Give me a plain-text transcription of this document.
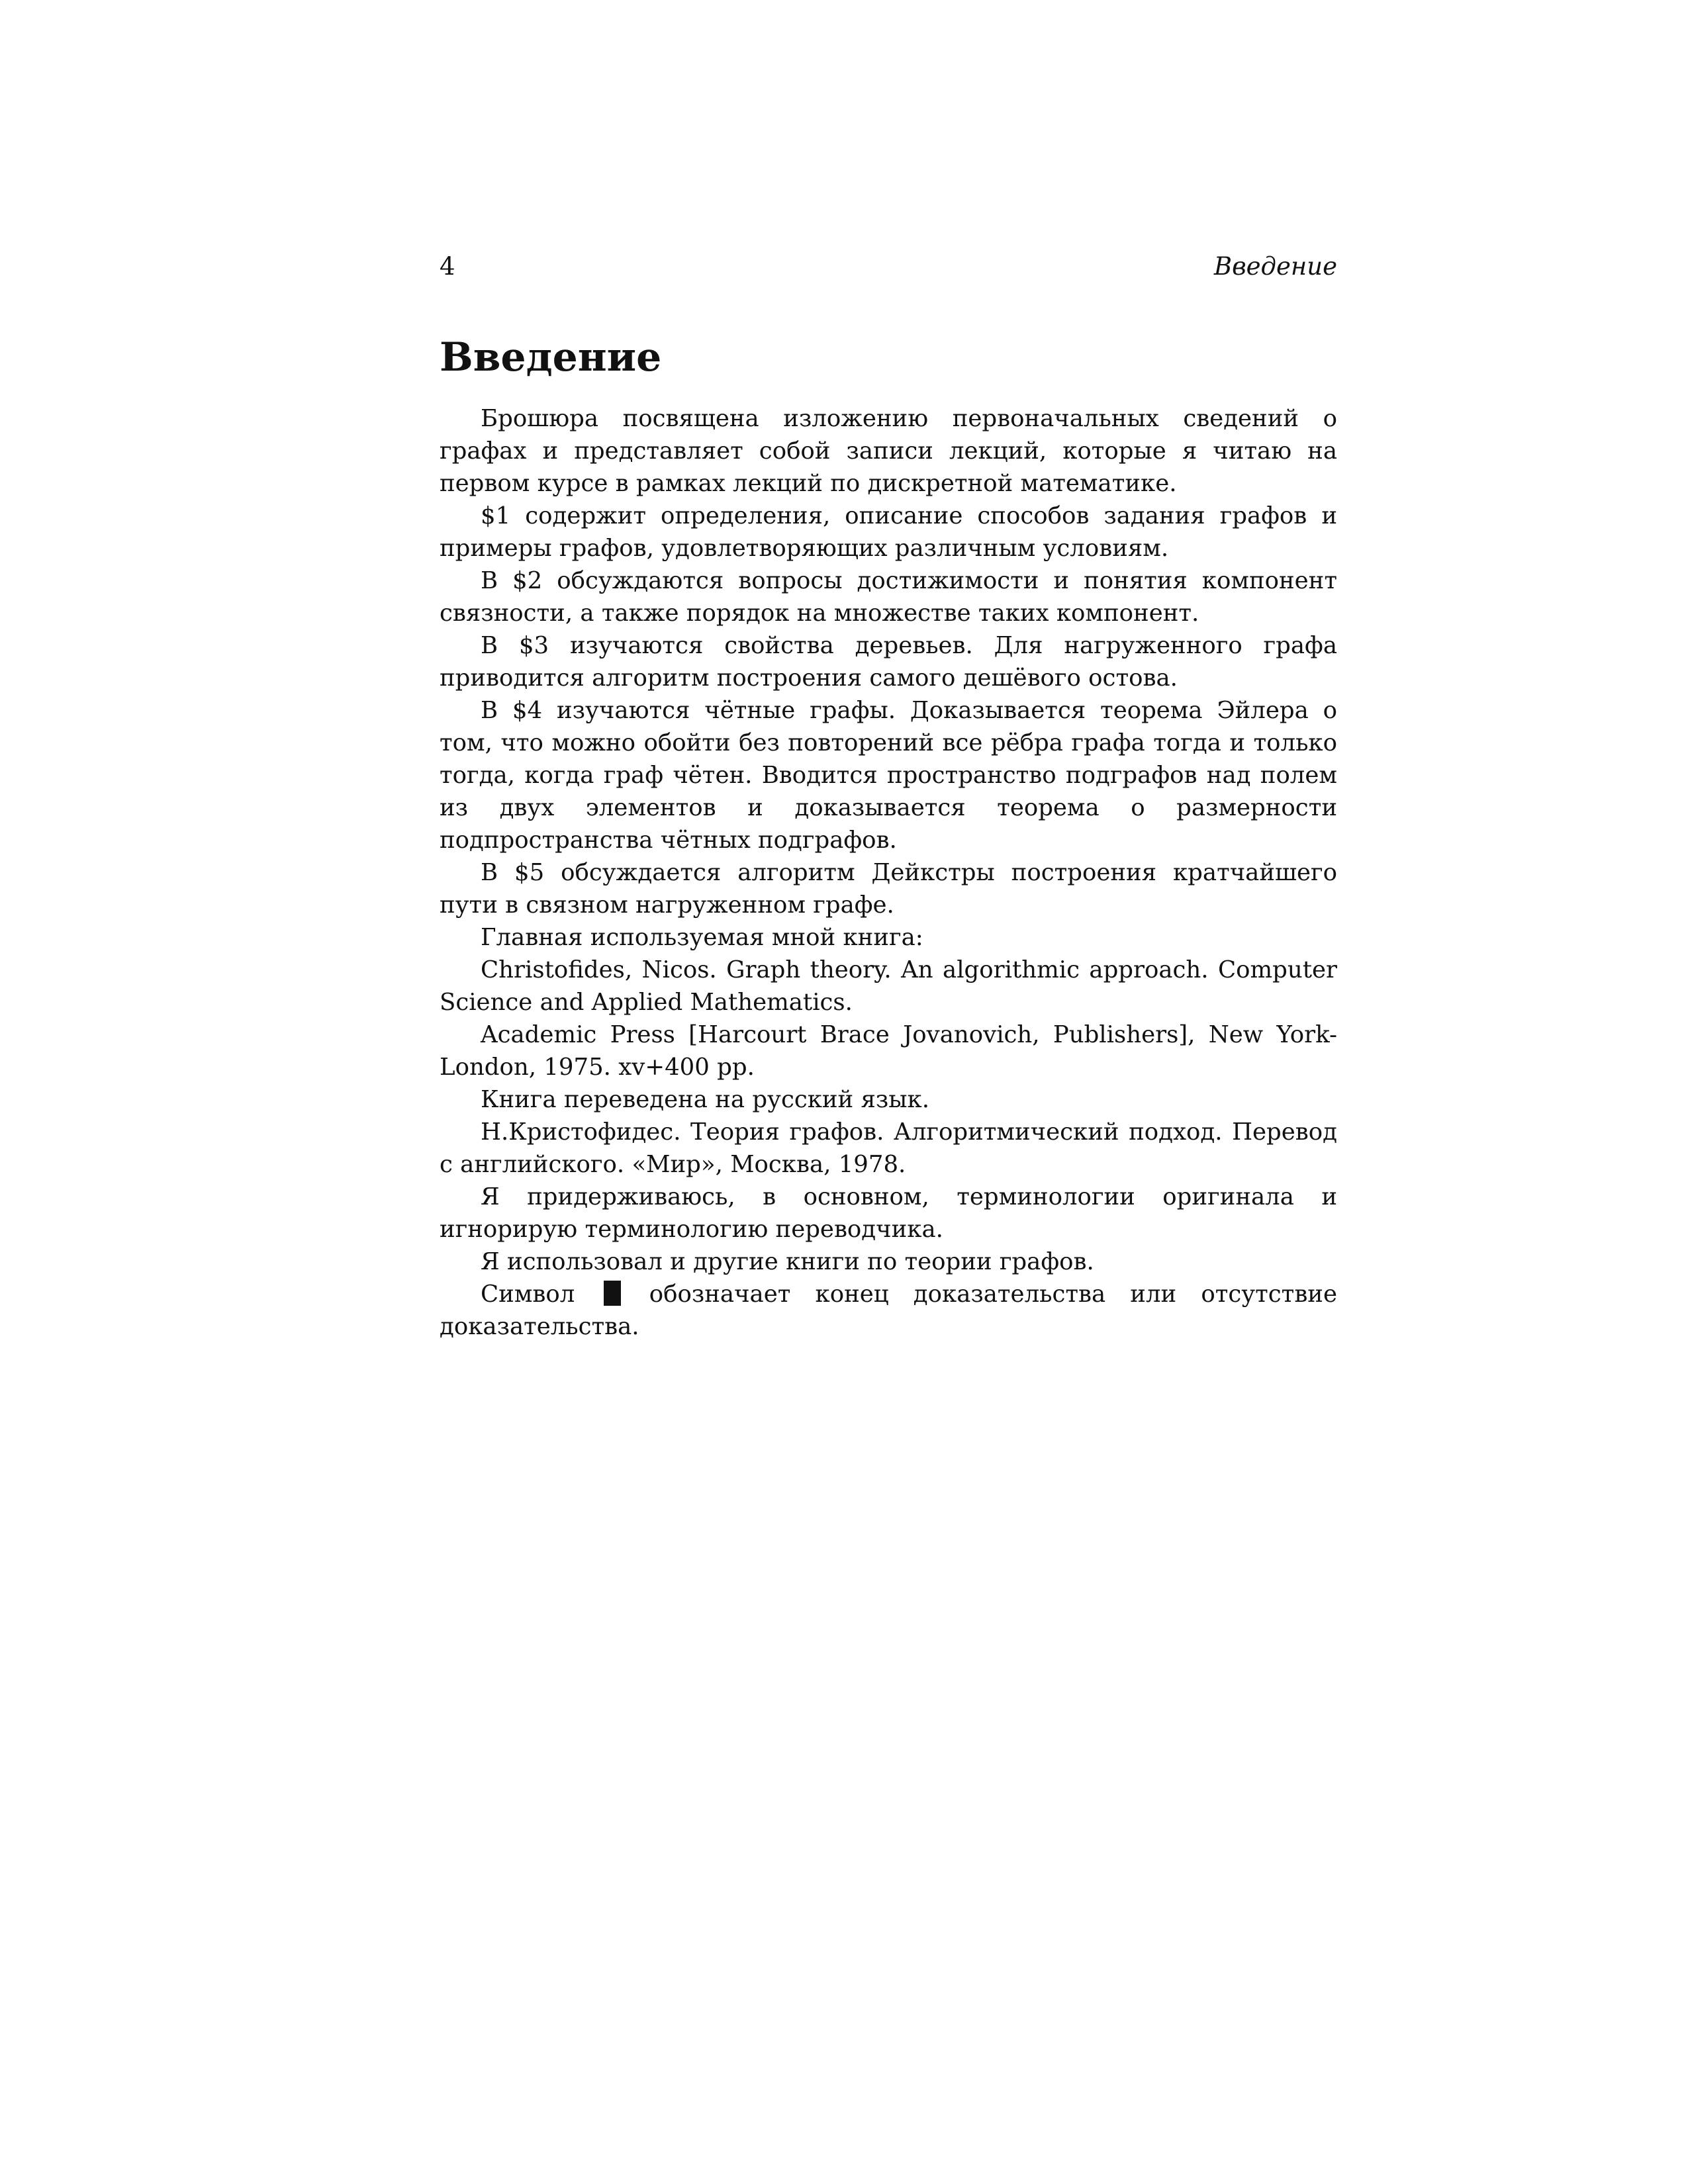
4	Введение
Введение

Брошюра посвящена изложению первоначальных сведений о графах и представляет собой записи лекций, которые я читаю на первом курсе в рамках лекций по дискретной математике.

$1 содержит определения, описание способов задания графов и примеры графов, удовлетворяющих различным условиям.

В $2 обсуждаются вопросы достижимости и понятия компонент связности, а также порядок на множестве таких компонент.

В $3 изучаются свойства деревьев. Для нагруженного графа приводится алгоритм построения самого дешёвого остова.

В $4 изучаются чётные графы. Доказывается теорема Эйлера о том, что можно обойти без повторений все рёбра графа тогда и только тогда, когда граф чётен. Вводится пространство подграфов над полем из двух элементов и доказывается теорема о размерности подпространства чётных подграфов.

В $5 обсуждается алгоритм Дейкстры построения кратчайшего пути в связном нагруженном графе.

Главная используемая мной книга:

Christofides, Nicos. Graph theory. An algorithmic approach. Computer Science and Applied Mathematics.

Academic Press [Harcourt Brace Jovanovich, Publishers], New York-London, 1975. xv+400 pp.

Книга переведена на русский язык.

Н.Кристофидес. Теория графов. Алгоритмический подход. Перевод с английского. «Мир», Москва, 1978.

Я придерживаюсь, в основном, терминологии оригинала и игнорирую терминологию переводчика.

Я использовал и другие книги по теории графов.

Символ	обозначает конец доказательства или отсутствие доказательства.
